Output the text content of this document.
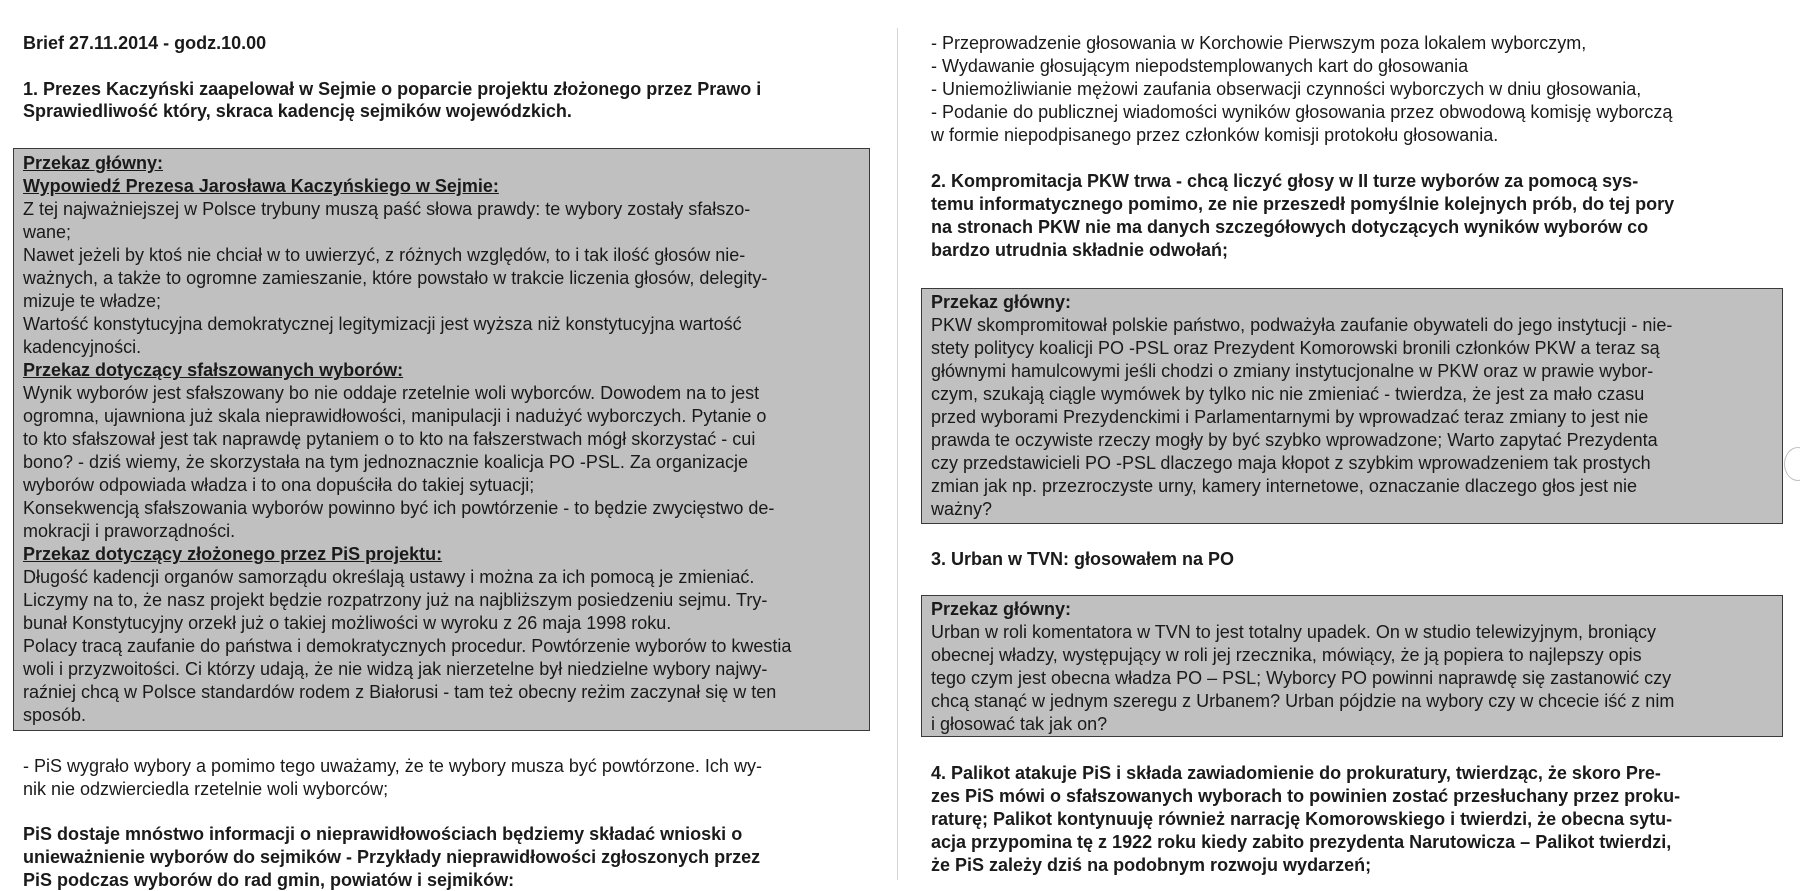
Brief 27.11.2014 - godz.10.00
1. Prezes Kaczyński zaapelował w Sejmie o poparcie projektu złożonego przez Prawo i
Sprawiedliwość który, skraca kadencję sejmików wojewódzkich.
Przekaz główny:
Wypowiedź Prezesa Jarosława Kaczyńskiego w Sejmie:
Z tej najważniejszej w Polsce trybuny muszą paść słowa prawdy: te wybory zostały sfałszo-
wane;
Nawet jeżeli by ktoś nie chciał w to uwierzyć, z różnych względów, to i tak ilość głosów nie-
ważnych, a także to ogromne zamieszanie, które powstało w trakcie liczenia głosów, delegity-
mizuje te władze;
Wartość konstytucyjna demokratycznej legitymizacji jest wyższa niż konstytucyjna wartość
kadencyjności.
Przekaz dotyczący sfałszowanych wyborów:
Wynik wyborów jest sfałszowany bo nie oddaje rzetelnie woli wyborców. Dowodem na to jest
ogromna, ujawniona już skala nieprawidłowości, manipulacji i nadużyć wyborczych. Pytanie o
to kto sfałszował jest tak naprawdę pytaniem o to kto na fałszerstwach mógł skorzystać - cui
bono? - dziś wiemy, że skorzystała na tym jednoznacznie koalicja PO -PSL. Za organizacje
wyborów odpowiada władza i to ona dopuściła do takiej sytuacji;
Konsekwencją sfałszowania wyborów powinno być ich powtórzenie - to będzie zwycięstwo de-
mokracji i praworządności.
Przekaz dotyczący złożonego przez PiS projektu:
Długość kadencji organów samorządu określają ustawy i można za ich pomocą je zmieniać.
Liczymy na to, że nasz projekt będzie rozpatrzony już na najbliższym posiedzeniu sejmu. Try-
bunał Konstytucyjny orzekł już o takiej możliwości w wyroku z 26 maja 1998 roku.
Polacy tracą zaufanie do państwa i demokratycznych procedur. Powtórzenie wyborów to kwestia
woli i przyzwoitości. Ci którzy udają, że nie widzą jak nierzetelne był niedzielne wybory najwy-
raźniej chcą w Polsce standardów rodem z Białorusi - tam też obecny reżim zaczynał się w ten
sposób.
- PiS wygrało wybory a pomimo tego uważamy, że te wybory musza być powtórzone. Ich wy-
nik nie odzwierciedla rzetelnie woli wyborców;
PiS dostaje mnóstwo informacji o nieprawidłowościach będziemy składać wnioski o
unieważnienie wyborów do sejmików - Przykłady nieprawidłowości zgłoszonych przez
PiS podczas wyborów do rad gmin, powiatów i sejmików:
- Przeprowadzenie głosowania w Korchowie Pierwszym poza lokalem wyborczym,
- Wydawanie głosującym niepodstemplowanych kart do głosowania
- Uniemożliwianie mężowi zaufania obserwacji czynności wyborczych w dniu głosowania,
- Podanie do publicznej wiadomości wyników głosowania przez obwodową komisję wyborczą
w formie niepodpisanego przez członków komisji protokołu głosowania.
2. Kompromitacja PKW trwa - chcą liczyć głosy w II turze wyborów za pomocą sys-
temu informatycznego pomimo, ze nie przeszedł pomyślnie kolejnych prób, do tej pory
na stronach PKW nie ma danych szczegółowych dotyczących wyników wyborów co
bardzo utrudnia składnie odwołań;
Przekaz główny:
PKW skompromitował polskie państwo, podważyła zaufanie obywateli do jego instytucji - nie-
stety politycy koalicji PO -PSL oraz Prezydent Komorowski bronili członków PKW a teraz są
głównymi hamulcowymi jeśli chodzi o zmiany instytucjonalne w PKW oraz w prawie wybor-
czym, szukają ciągle wymówek by tylko nic nie zmieniać - twierdza, że jest za mało czasu
przed wyborami Prezydenckimi i Parlamentarnymi by wprowadzać teraz zmiany to jest nie
prawda te oczywiste rzeczy mogły by być szybko wprowadzone; Warto zapytać Prezydenta
czy przedstawicieli PO -PSL dlaczego maja kłopot z szybkim wprowadzeniem tak prostych
zmian jak np. przezroczyste urny, kamery internetowe, oznaczanie dlaczego głos jest nie
ważny?
3. Urban w TVN: głosowałem na PO
Przekaz główny:
Urban w roli komentatora w TVN to jest totalny upadek. On w studio telewizyjnym, broniący
obecnej władzy, występujący w roli jej rzecznika, mówiący, że ją popiera to najlepszy opis
tego czym jest obecna władza PO – PSL; Wyborcy PO powinni naprawdę się zastanowić czy
chcą stanąć w jednym szeregu z Urbanem? Urban pójdzie na wybory czy w chcecie iść z nim
i głosować tak jak on?
4. Palikot atakuje PiS i składa zawiadomienie do prokuratury, twierdząc, że skoro Pre-
zes PiS mówi o sfałszowanych wyborach to powinien zostać przesłuchany przez proku-
raturę; Palikot kontynuuję również narrację Komorowskiego i twierdzi, że obecna sytu-
acja przypomina tę z 1922 roku kiedy zabito prezydenta Narutowicza – Palikot twierdzi,
że PiS zależy dziś na podobnym rozwoju wydarzeń;
